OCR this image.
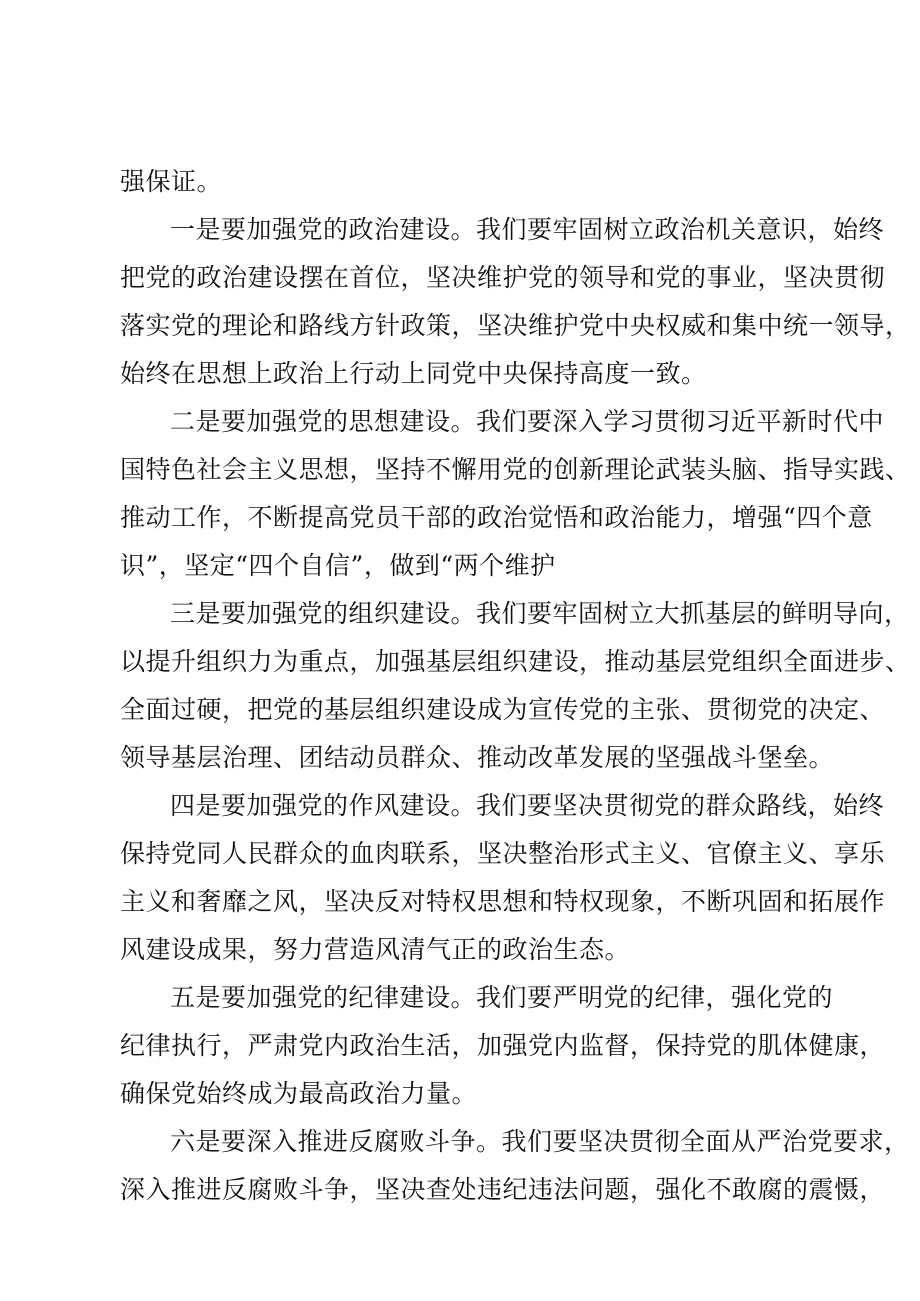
强保证。
一是要加强党的政治建设。我们要牢固树立政治机关意识，始终
把党的政治建设摆在首位，坚决维护党的领导和党的事业，坚决贯彻
落实党的理论和路线方针政策，坚决维护党中央权威和集中统一领导，
始终在思想上政治上行动上同党中央保持高度一致。
二是要加强党的思想建设。我们要深入学习贯彻习近平新时代中
国特色社会主义思想，坚持不懈用党的创新理论武装头脑、指导实践、
推动工作，不断提高党员干部的政治觉悟和政治能力，增强“四个意
识”，坚定“四个自信”，做到“两个维护
三是要加强党的组织建设。我们要牢固树立大抓基层的鲜明导向，
以提升组织力为重点，加强基层组织建设，推动基层党组织全面进步、
全面过硬，把党的基层组织建设成为宣传党的主张、贯彻党的决定、
领导基层治理、团结动员群众、推动改革发展的坚强战斗堡垒。
四是要加强党的作风建设。我们要坚决贯彻党的群众路线，始终
保持党同人民群众的血肉联系，坚决整治形式主义、官僚主义、享乐
主义和奢靡之风，坚决反对特权思想和特权现象，不断巩固和拓展作
风建设成果，努力营造风清气正的政治生态。
五是要加强党的纪律建设。我们要严明党的纪律，强化党的
纪律执行，严肃党内政治生活，加强党内监督，保持党的肌体健康，
确保党始终成为最高政治力量。
六是要深入推进反腐败斗争。我们要坚决贯彻全面从严治党要求，
深入推进反腐败斗争，坚决查处违纪违法问题，强化不敢腐的震慑，
